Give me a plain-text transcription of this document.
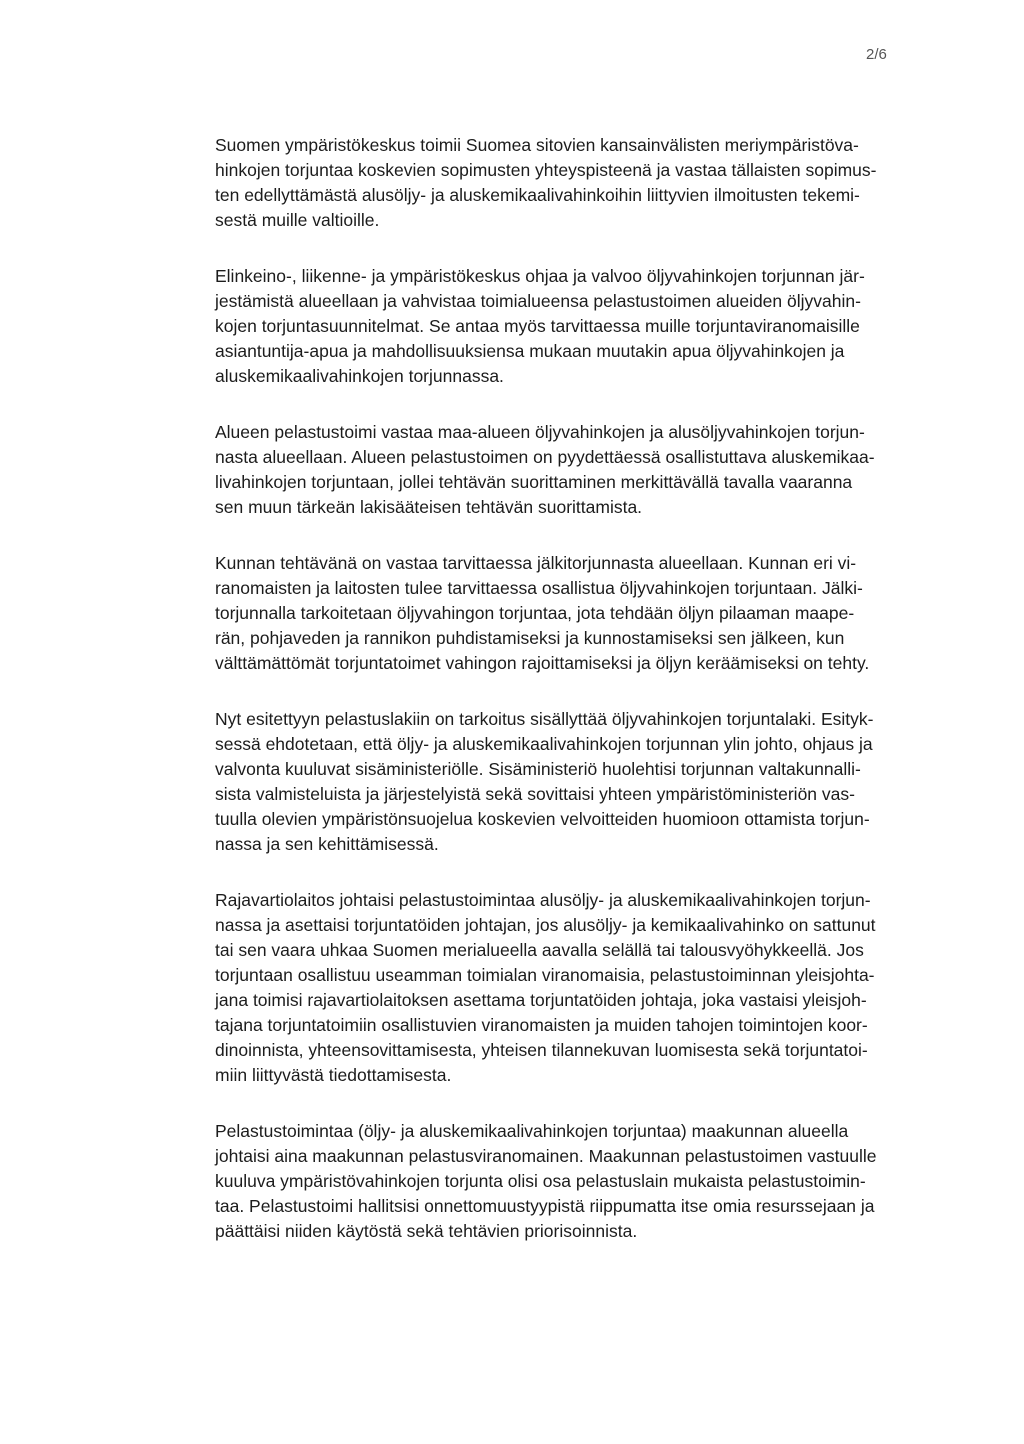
2/6

Suomen ympäristökeskus toimii Suomea sitovien kansainvälisten meriympäristöva-
hinkojen torjuntaa koskevien sopimusten yhteyspisteenä ja vastaa tällaisten sopimus-
ten edellyttämästä alusöljy- ja aluskemikaalivahinkoihin liittyvien ilmoitusten tekemi-
sestä muille valtioille.

Elinkeino-, liikenne- ja ympäristökeskus ohjaa ja valvoo öljyvahinkojen torjunnan jär-
jestämistä alueellaan ja vahvistaa toimialueensa pelastustoimen alueiden öljyvahin-
kojen torjuntasuunnitelmat. Se antaa myös tarvittaessa muille torjuntaviranomaisille
asiantuntija-apua ja mahdollisuuksiensa mukaan muutakin apua öljyvahinkojen ja
aluskemikaalivahinkojen torjunnassa.

Alueen pelastustoimi vastaa maa-alueen öljyvahinkojen ja alusöljyvahinkojen torjun-
nasta alueellaan. Alueen pelastustoimen on pyydettäessä osallistuttava aluskemikaa-
livahinkojen torjuntaan, jollei tehtävän suorittaminen merkittävällä tavalla vaaranna
sen muun tärkeän lakisääteisen tehtävän suorittamista.

Kunnan tehtävänä on vastaa tarvittaessa jälkitorjunnasta alueellaan. Kunnan eri vi-
ranomaisten ja laitosten tulee tarvittaessa osallistua öljyvahinkojen torjuntaan. Jälki-
torjunnalla tarkoitetaan öljyvahingon torjuntaa, jota tehdään öljyn pilaaman maape-
rän, pohjaveden ja rannikon puhdistamiseksi ja kunnostamiseksi sen jälkeen, kun
välttämättömät torjuntatoimet vahingon rajoittamiseksi ja öljyn keräämiseksi on tehty.

Nyt esitettyyn pelastuslakiin on tarkoitus sisällyttää öljyvahinkojen torjuntalaki. Esityk-
sessä ehdotetaan, että öljy- ja aluskemikaalivahinkojen torjunnan ylin johto, ohjaus ja
valvonta kuuluvat sisäministeriölle. Sisäministeriö huolehtisi torjunnan valtakunnalli-
sista valmisteluista ja järjestelyistä sekä sovittaisi yhteen ympäristöministeriön vas-
tuulla olevien ympäristönsuojelua koskevien velvoitteiden huomioon ottamista torjun-
nassa ja sen kehittämisessä.

Rajavartiolaitos johtaisi pelastustoimintaa alusöljy- ja aluskemikaalivahinkojen torjun-
nassa ja asettaisi torjuntatöiden johtajan, jos alusöljy- ja kemikaalivahinko on sattunut
tai sen vaara uhkaa Suomen merialueella aavalla selällä tai talousvyöhykkeellä. Jos
torjuntaan osallistuu useamman toimialan viranomaisia, pelastustoiminnan yleisjohta-
jana toimisi rajavartiolaitoksen asettama torjuntatöiden johtaja, joka vastaisi yleisjoh-
tajana torjuntatoimiin osallistuvien viranomaisten ja muiden tahojen toimintojen koor-
dinoinnista, yhteensovittamisesta, yhteisen tilannekuvan luomisesta sekä torjuntatoi-
miin liittyvästä tiedottamisesta.

Pelastustoimintaa (öljy- ja aluskemikaalivahinkojen torjuntaa) maakunnan alueella
johtaisi aina maakunnan pelastusviranomainen. Maakunnan pelastustoimen vastuulle
kuuluva ympäristövahinkojen torjunta olisi osa pelastuslain mukaista pelastustoimin-
taa. Pelastustoimi hallitsisi onnettomuustyypistä riippumatta itse omia resurssejaan ja
päättäisi niiden käytöstä sekä tehtävien priorisoinnista.
